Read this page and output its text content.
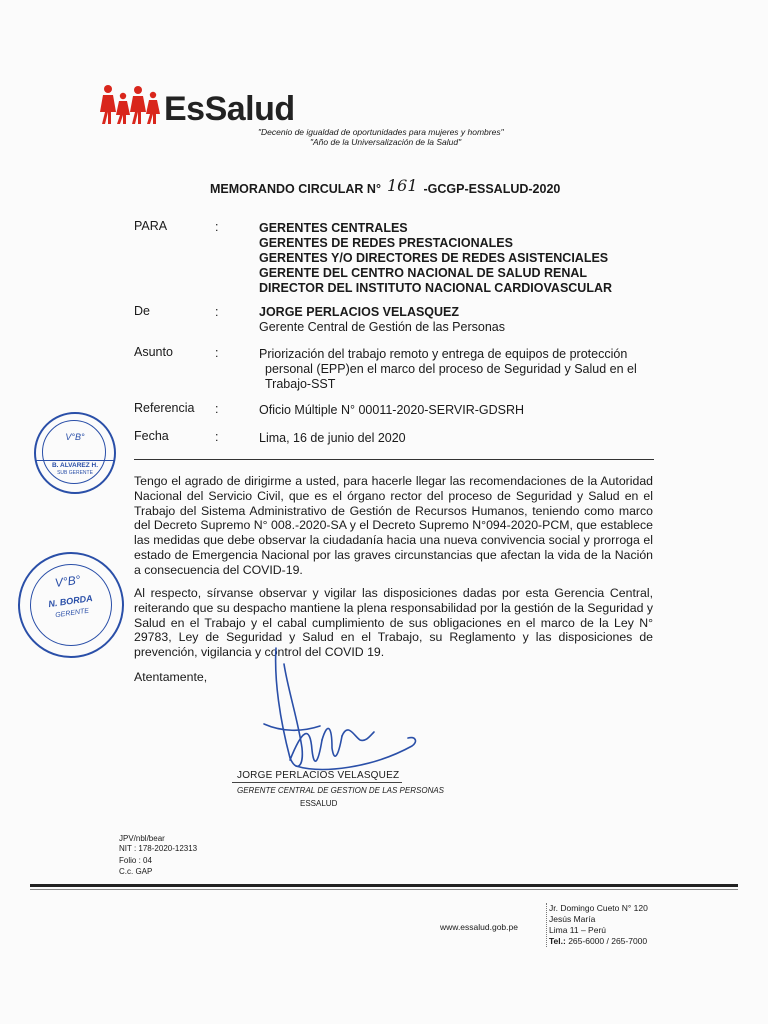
EsSalud
"Decenio de igualdad de oportunidades para mujeres y hombres"
"Año de la Universalización de la Salud"
MEMORANDO CIRCULAR N° 161 -GCGP-ESSALUD-2020
PARA	:	GERENTES CENTRALES
GERENTES DE REDES PRESTACIONALES
GERENTES Y/O DIRECTORES DE REDES ASISTENCIALES
GERENTE DEL CENTRO NACIONAL DE SALUD RENAL
DIRECTOR DEL INSTITUTO NACIONAL CARDIOVASCULAR
De	:	JORGE PERLACIOS VELASQUEZ
Gerente Central de Gestión de las Personas
Asunto	:	Priorización del trabajo remoto y entrega de equipos de protección
personal (EPP)en el marco del proceso de Seguridad y Salud en el
Trabajo-SST
Referencia :	Oficio Múltiple N° 00011-2020-SERVIR-GDSRH
Fecha	:	Lima, 16 de junio del 2020
Tengo el agrado de dirigirme a usted, para hacerle llegar las recomendaciones de la Autoridad Nacional del Servicio Civil, que es el órgano rector del proceso de Seguridad y Salud en el Trabajo del Sistema Administrativo de Gestión de Recursos Humanos, teniendo como marco del Decreto Supremo N° 008.-2020-SA y el Decreto Supremo N°094-2020-PCM, que establece las medidas que debe observar la ciudadanía hacia una nueva convivencia social y prorroga el estado de Emergencia Nacional por las graves circunstancias que afectan la vida de la Nación a consecuencia del COVID-19.
Al respecto, sírvanse observar y vigilar las disposiciones dadas por esta Gerencia Central, reiterando que su despacho mantiene la plena responsabilidad por la gestión de la Seguridad y Salud en el Trabajo y el cabal cumplimiento de sus obligaciones en el marco de la Ley N° 29783, Ley de Seguridad y Salud en el Trabajo, su Reglamento y las disposiciones de prevención, vigilancia y control del COVID 19.
Atentamente,
V°B°
B. ALVAREZ H.
SUB GERENTE
V°B°
N. BORDA
GERENTE
JORGE PERLACIOS VELASQUEZ
GERENTE CENTRAL DE GESTION DE LAS PERSONAS
ESSALUD
JPV/nbl/bear
NIT : 178-2020-12313
Folio : 04
C.c. GAP
www.essalud.gob.pe
Jr. Domingo Cueto N° 120
Jesús María
Lima 11 – Perú
Tel.: 265-6000 / 265-7000
